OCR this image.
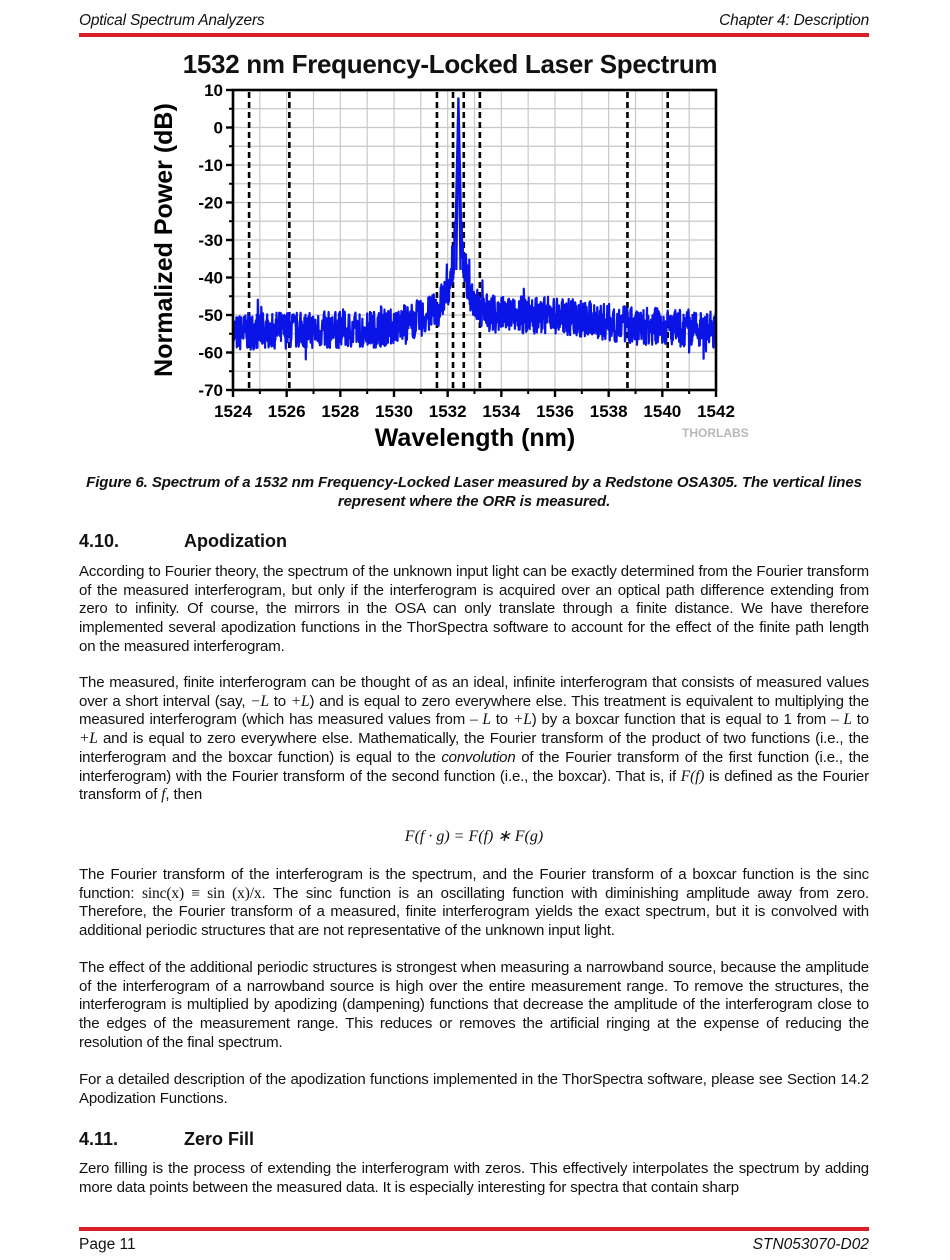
Optical Spectrum Analyzers	Chapter 4: Description
1532 nm Frequency-Locked Laser Spectrum
1524 1526 1528 1530 1532 1534 1536 1538 1540 1542
10
0
-10
-20
-30
-40
-50
-60
-70
Wavelength (nm)
Normalized Power (dB)
THORLABS
Figure 6. Spectrum of a 1532 nm Frequency-Locked Laser measured by a Redstone OSA305. The vertical lines represent where the ORR is measured.
4.10.	Apodization
According to Fourier theory, the spectrum of the unknown input light can be exactly determined from the Fourier transform of the measured interferogram, but only if the interferogram is acquired over an optical path difference extending from zero to infinity. Of course, the mirrors in the OSA can only translate through a finite distance. We have therefore implemented several apodization functions in the ThorSpectra software to account for the effect of the finite path length on the measured interferogram.
The measured, finite interferogram can be thought of as an ideal, infinite interferogram that consists of measured values over a short interval (say, −L to +L) and is equal to zero everywhere else. This treatment is equivalent to multiplying the measured interferogram (which has measured values from – L to +L) by a boxcar function that is equal to 1 from – L to +L and is equal to zero everywhere else. Mathematically, the Fourier transform of the product of two functions (i.e., the interferogram and the boxcar function) is equal to the convolution of the Fourier transform of the first function (i.e., the interferogram) with the Fourier transform of the second function (i.e., the boxcar). That is, if F(f) is defined as the Fourier transform of f, then
F(f · g) = F(f) ∗ F(g)
The Fourier transform of the interferogram is the spectrum, and the Fourier transform of a boxcar function is the sinc function: sinc(x) ≡ sin (x)/x. The sinc function is an oscillating function with diminishing amplitude away from zero. Therefore, the Fourier transform of a measured, finite interferogram yields the exact spectrum, but it is convolved with additional periodic structures that are not representative of the unknown input light.
The effect of the additional periodic structures is strongest when measuring a narrowband source, because the amplitude of the interferogram of a narrowband source is high over the entire measurement range. To remove the structures, the interferogram is multiplied by apodizing (dampening) functions that decrease the amplitude of the interferogram close to the edges of the measurement range. This reduces or removes the artificial ringing at the expense of reducing the resolution of the final spectrum.
For a detailed description of the apodization functions implemented in the ThorSpectra software, please see Section 14.2 Apodization Functions.
4.11.	Zero Fill
Zero filling is the process of extending the interferogram with zeros. This effectively interpolates the spectrum by adding more data points between the measured data. It is especially interesting for spectra that contain sharp
Page 11	STN053070-D02
